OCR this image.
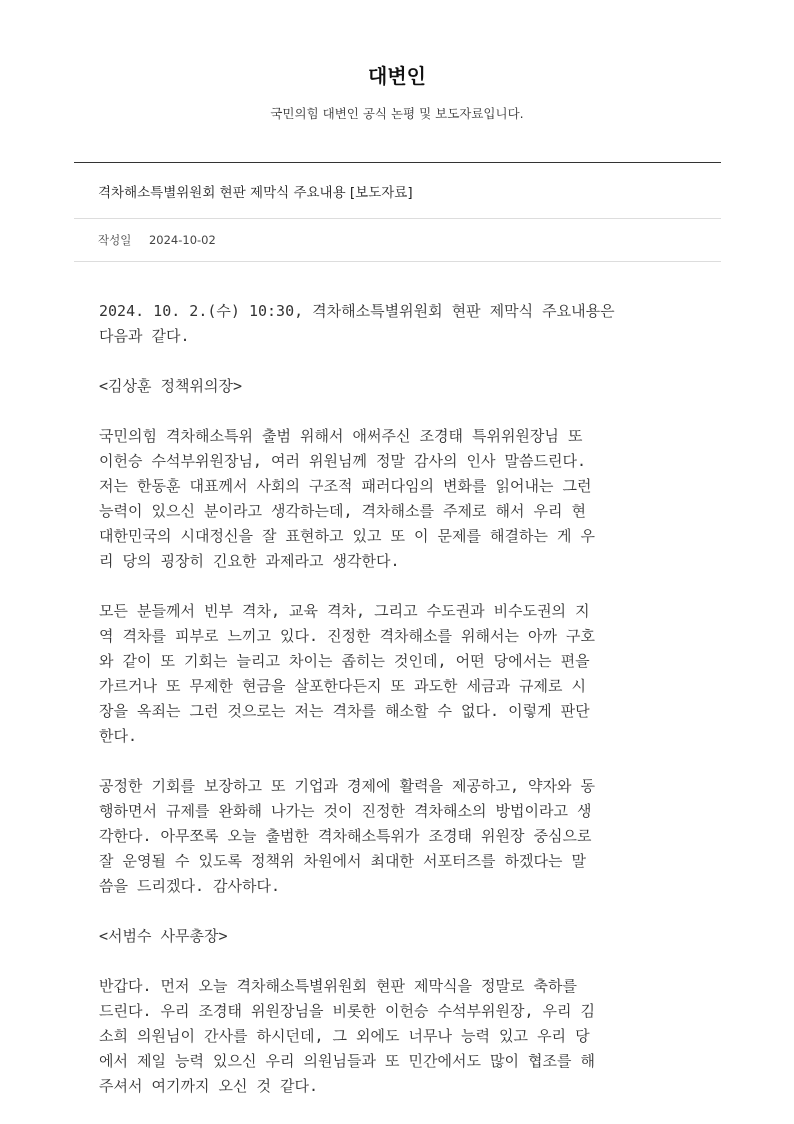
대변인
국민의힘 대변인 공식 논평 및 보도자료입니다.
격차해소특별위원회 현판 제막식 주요내용 [보도자료]
작성일 2024-10-02

2024. 10. 2.(수) 10:30, 격차해소특별위원회 현판 제막식 주요내용은
다음과 같다.

<김상훈 정책위의장>

국민의힘 격차해소특위 출범 위해서 애써주신 조경태 특위위원장님 또
이헌승 수석부위원장님, 여러 위원님께 정말 감사의 인사 말씀드린다.
저는 한동훈 대표께서 사회의 구조적 패러다임의 변화를 읽어내는 그런
능력이 있으신 분이라고 생각하는데, 격차해소를 주제로 해서 우리 현
대한민국의 시대정신을 잘 표현하고 있고 또 이 문제를 해결하는 게 우
리 당의 굉장히 긴요한 과제라고 생각한다.

모든 분들께서 빈부 격차, 교육 격차, 그리고 수도권과 비수도권의 지
역 격차를 피부로 느끼고 있다. 진정한 격차해소를 위해서는 아까 구호
와 같이 또 기회는 늘리고 차이는 좁히는 것인데, 어떤 당에서는 편을
가르거나 또 무제한 현금을 살포한다든지 또 과도한 세금과 규제로 시
장을 옥죄는 그런 것으로는 저는 격차를 해소할 수 없다. 이렇게 판단
한다.

공정한 기회를 보장하고 또 기업과 경제에 활력을 제공하고, 약자와 동
행하면서 규제를 완화해 나가는 것이 진정한 격차해소의 방법이라고 생
각한다. 아무쪼록 오늘 출범한 격차해소특위가 조경태 위원장 중심으로
잘 운영될 수 있도록 정책위 차원에서 최대한 서포터즈를 하겠다는 말
씀을 드리겠다. 감사하다.

<서범수 사무총장>

반갑다. 먼저 오늘 격차해소특별위원회 현판 제막식을 정말로 축하를
드린다. 우리 조경태 위원장님을 비롯한 이헌승 수석부위원장, 우리 김
소희 의원님이 간사를 하시던데, 그 외에도 너무나 능력 있고 우리 당
에서 제일 능력 있으신 우리 의원님들과 또 민간에서도 많이 협조를 해
주셔서 여기까지 오신 것 같다.
